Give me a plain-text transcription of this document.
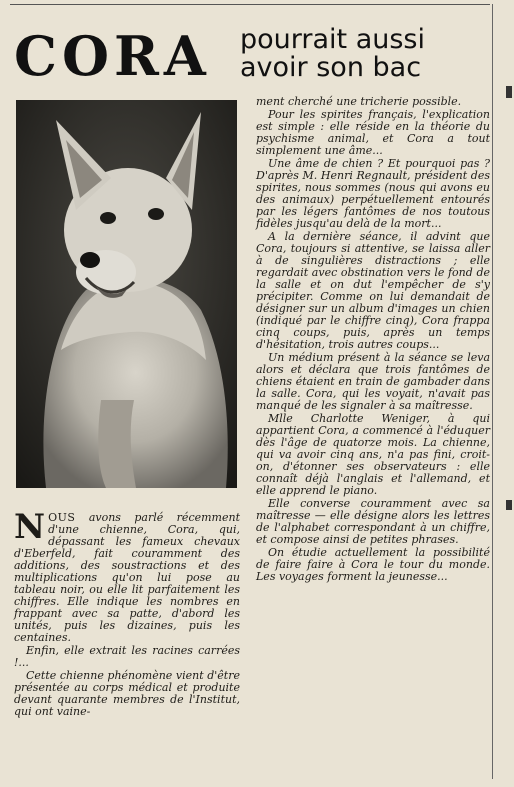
CORA pourrait aussi
avoir son bac

NOUS avons parlé récemment d'une chienne, Cora, qui, dépassant les fameux chevaux d'Eberfeld, fait couramment des additions, des soustractions et des multiplications qu'on lui pose au tableau noir, ou elle lit parfaitement les chiffres. Elle indique les nombres en frappant avec sa patte, d'abord les unités, puis les dizaines, puis les centaines.

Enfin, elle extrait les racines carrées !...

Cette chienne phénomène vient d'être présentée au corps médical et produite devant quarante membres de l'Institut, qui ont vaine-

ment cherché une tricherie possible.

Pour les spirites français, l'explication est simple : elle réside en la théorie du psychisme animal, et Cora a tout simplement une âme...

Une âme de chien ? Et pourquoi pas ? D'après M. Henri Regnault, président des spirites, nous sommes (nous qui avons eu des animaux) perpétuellement entourés par les légers fantômes de nos toutous fidèles jusqu'au delà de la mort...

A la dernière séance, il advint que Cora, toujours si attentive, se laissa aller à de singulières distractions ; elle regardait avec obstination vers le fond de la salle et on dut l'empêcher de s'y précipiter. Comme on lui demandait de désigner sur un album d'images un chien (indiqué par le chiffre cinq), Cora frappa cinq coups, puis, après un temps d'hésitation, trois autres coups...

Un médium présent à la séance se leva alors et déclara que trois fantômes de chiens étaient en train de gambader dans la salle. Cora, qui les voyait, n'avait pas manqué de les signaler à sa maîtresse.

Mlle Charlotte Weniger, à qui appartient Cora, a commencé à l'éduquer dès l'âge de quatorze mois. La chienne, qui va avoir cinq ans, n'a pas fini, croit-on, d'étonner ses observateurs : elle connaît déjà l'anglais et l'allemand, et elle apprend le piano.

Elle converse couramment avec sa maîtresse — elle désigne alors les lettres de l'alphabet correspondant à un chiffre, et compose ainsi de petites phrases.

On étudie actuellement la possibilité de faire faire à Cora le tour du monde. Les voyages forment la jeunesse...
